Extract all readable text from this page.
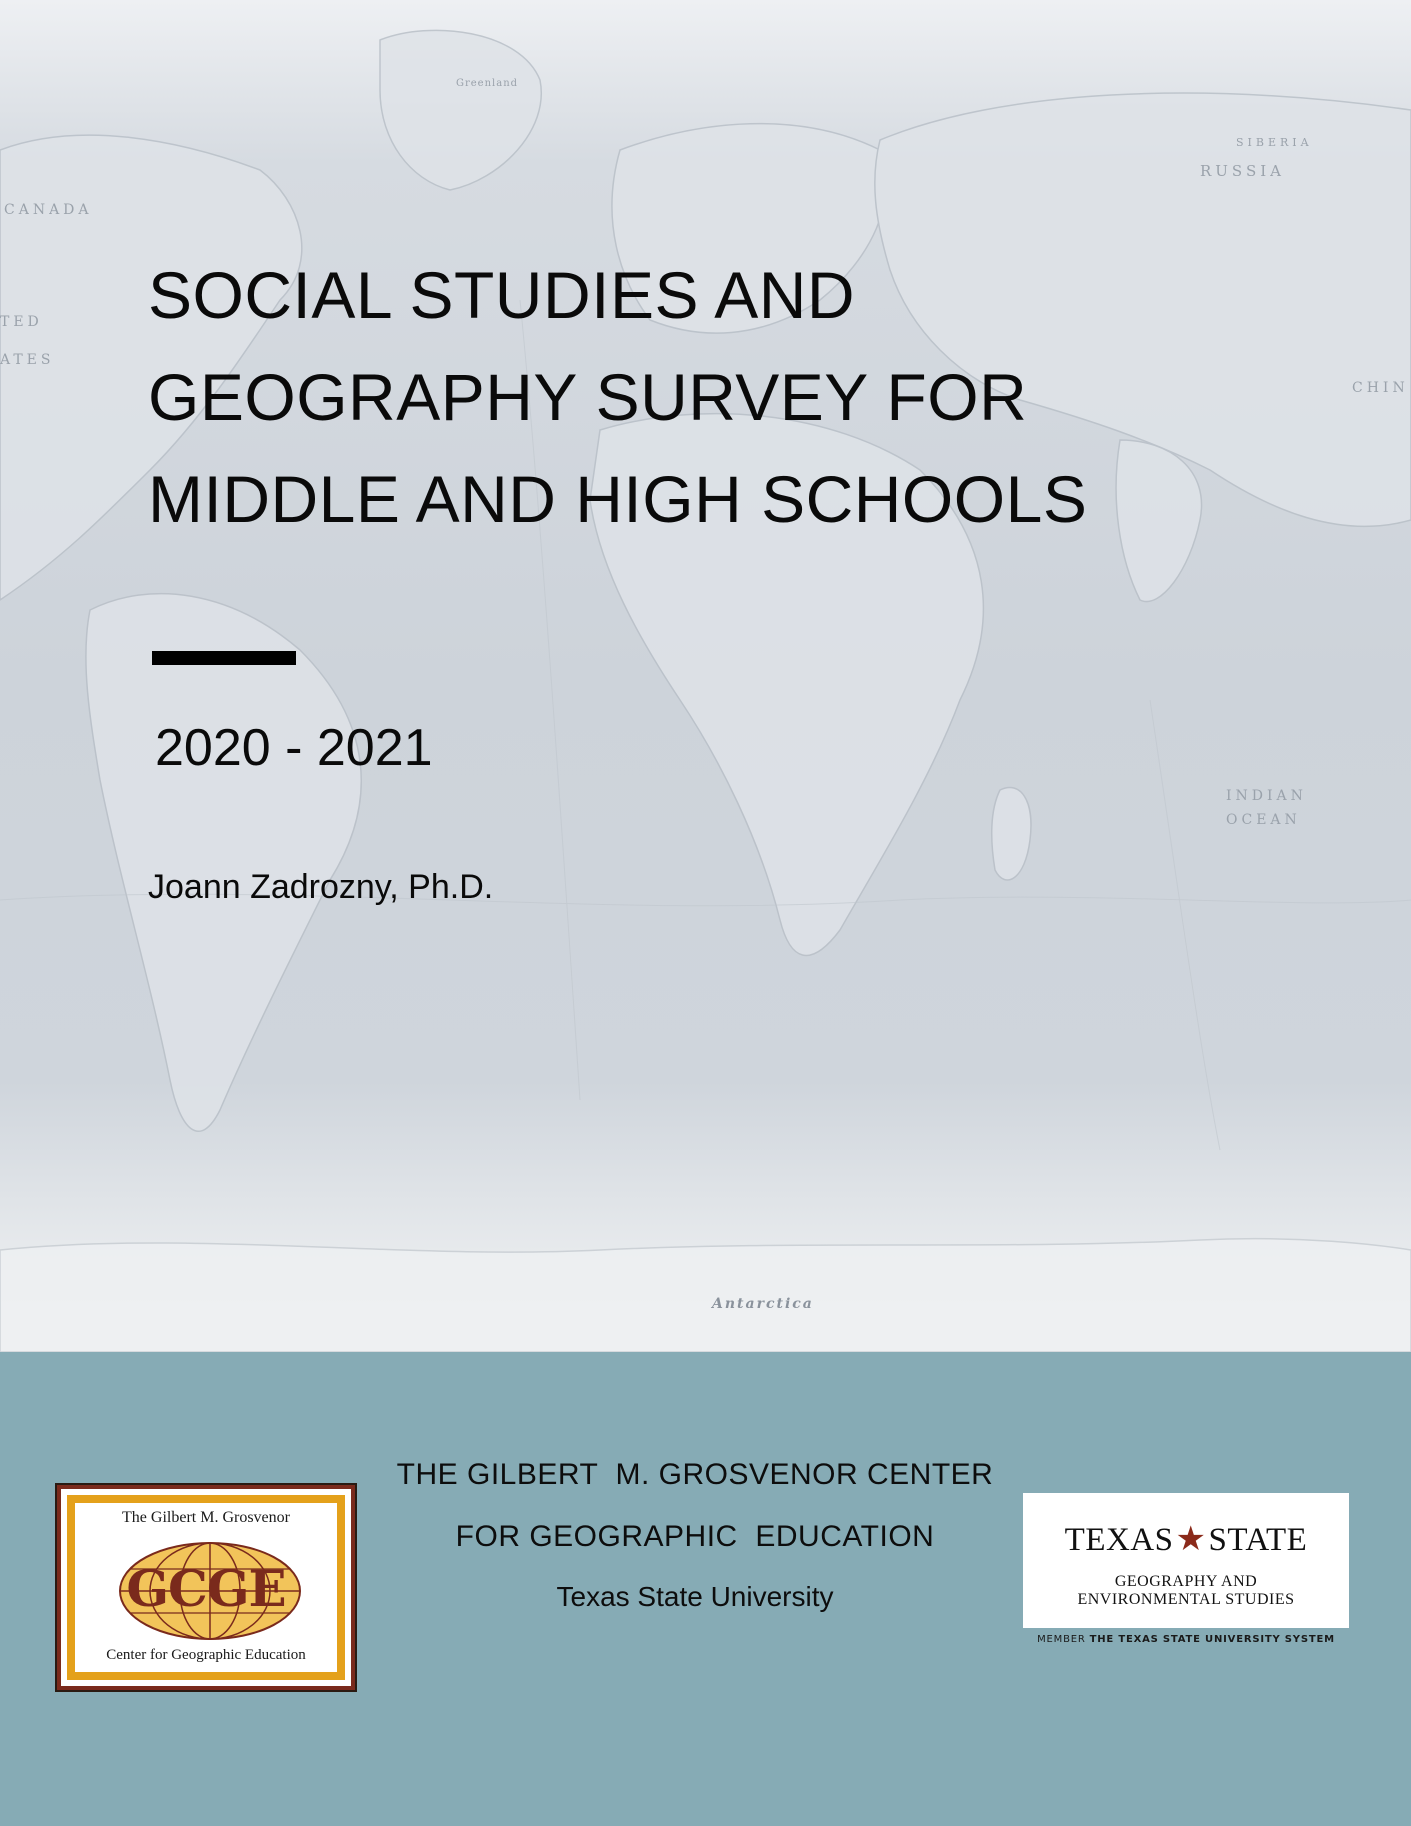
CANADA
TED
ATES
SIBERIA
RUSSIA
Greenland
CHIN
INDIAN
OCEAN
Antarctica
SOCIAL STUDIES AND
GEOGRAPHY SURVEY FOR
MIDDLE AND HIGH SCHOOLS
2020 - 2021
Joann Zadrozny, Ph.D.
The Gilbert M. Grosvenor
GCGE
Center for Geographic Education
THE GILBERT  M. GROSVENOR CENTER
FOR GEOGRAPHIC  EDUCATION
Texas State University
TEXAS★STATE
GEOGRAPHY AND
ENVIRONMENTAL STUDIES
MEMBER THE TEXAS STATE UNIVERSITY SYSTEM
